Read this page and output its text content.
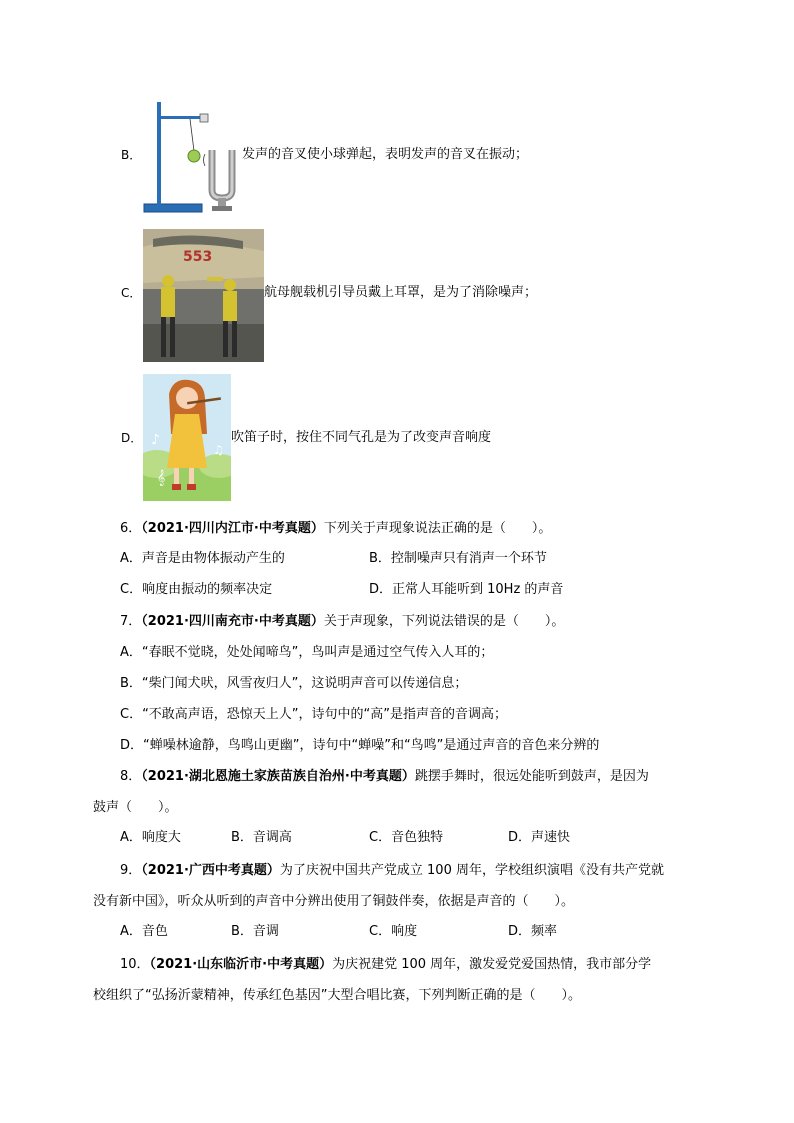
B．	发声的音叉使小球弹起，表明发声的音叉在振动；
C．
553
航母舰载机引导员戴上耳罩，是为了消除噪声；
D． ♪
♫
𝄞
吹笛子时，按住不同气孔是为了改变声音响度
6．（2021·四川内江市·中考真题）下列关于声现象说法正确的是（　　）。
A．声音是由物体振动产生的	B．控制噪声只有消声一个环节
C．响度由振动的频率决定	D．正常人耳能听到 10Hz 的声音
7．（2021·四川南充市·中考真题）关于声现象，下列说法错误的是（　　）。
A．“春眠不觉晓，处处闻啼鸟”，鸟叫声是通过空气传入人耳的；
B．“柴门闻犬吠，风雪夜归人”，这说明声音可以传递信息；
C．“不敢高声语，恐惊天上人”，诗句中的“高”是指声音的音调高；
D．“蝉噪林逾静，鸟鸣山更幽”，诗句中“蝉噪”和“鸟鸣”是通过声音的音色来分辨的
8．（2021·湖北恩施土家族苗族自治州·中考真题）跳摆手舞时，很远处能听到鼓声，是因为
鼓声（　　）。
A．响度大	B．音调高	C．音色独特	D．声速快
9．（2021·广西中考真题）为了庆祝中国共产党成立 100 周年，学校组织演唱《没有共产党就
没有新中国》，听众从听到的声音中分辨出使用了铜鼓伴奏，依据是声音的（　　）。
A．音色	B．音调	C．响度	D．频率
10．（2021·山东临沂市·中考真题）为庆祝建党 100 周年，激发爱党爱国热情，我市部分学
校组织了“弘扬沂蒙精神，传承红色基因”大型合唱比赛，下列判断正确的是（　　）。
